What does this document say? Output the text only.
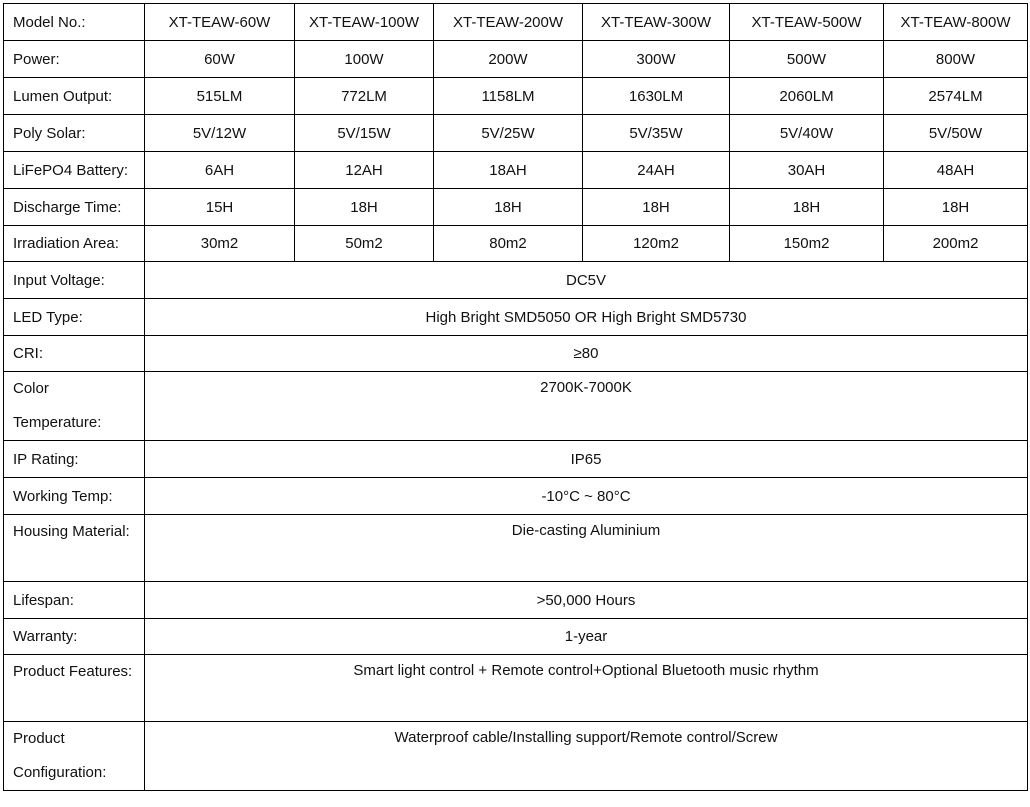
Model No.:	XT-TEAW-60W	XT-TEAW-100W	XT-TEAW-200W	XT-TEAW-300W	XT-TEAW-500W	XT-TEAW-800W
Power:	60W	100W	200W	300W	500W	800W
Lumen Output:	515LM	772LM	1158LM	1630LM	2060LM	2574LM
Poly Solar:	5V/12W	5V/15W	5V/25W	5V/35W	5V/40W	5V/50W
LiFePO4 Battery:	6AH	12AH	18AH	24AH	30AH	48AH
Discharge Time:	15H	18H	18H	18H	18H	18H
Irradiation Area:	30m2	50m2	80m2	120m2	150m2	200m2
Input Voltage:	DC5V					
LED Type:	High Bright SMD5050 OR High Bright SMD5730					
CRI:	≥80					
Color Temperature:	2700K-7000K					
IP Rating:	IP65					
Working Temp:	-10°C ~ 80°C					
Housing Material:	Die-casting Aluminium					
Lifespan:	>50,000 Hours					
Warranty:	1-year					
Product Features:	Smart light control + Remote control+Optional Bluetooth music rhythm					
Product Configuration:	Waterproof cable/Installing support/Remote control/Screw					
